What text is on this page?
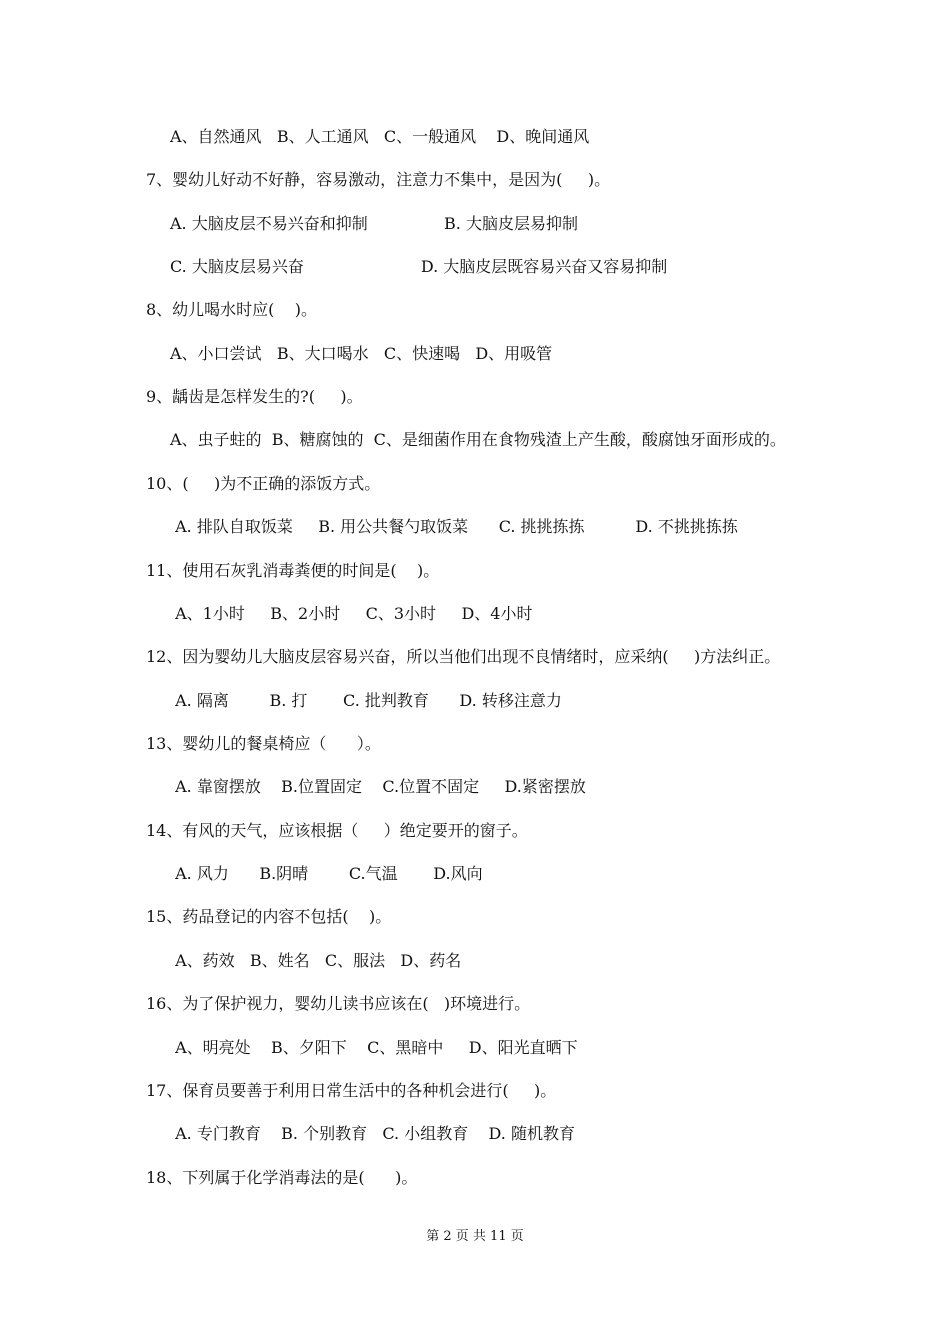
A、自然通风   B、人工通风   C、一般通风    D、晚间通风
7、婴幼儿好动不好静，容易激动，注意力不集中，是因为(     )。
A. 大脑皮层不易兴奋和抑制               B. 大脑皮层易抑制
C. 大脑皮层易兴奋                       D. 大脑皮层既容易兴奋又容易抑制
8、幼儿喝水时应(    )。
A、小口尝试   B、大口喝水   C、快速喝   D、用吸管
9、龋齿是怎样发生的?(     )。
A、虫子蛀的  B、糖腐蚀的  C、是细菌作用在食物残渣上产生酸，酸腐蚀牙面形成的。
10、(     )为不正确的添饭方式。
A. 排队自取饭菜     B. 用公共餐勺取饭菜      C. 挑挑拣拣          D. 不挑挑拣拣
11、使用石灰乳消毒粪便的时间是(    )。
A、1小时     B、2小时     C、3小时     D、4小时
12、因为婴幼儿大脑皮层容易兴奋，所以当他们出现不良情绪时，应采纳(     )方法纠正。
A. 隔离        B. 打       C. 批判教育      D. 转移注意力
13、婴幼儿的餐桌椅应（      ）。
A. 靠窗摆放    B.位置固定    C.位置不固定     D.紧密摆放
14、有风的天气，应该根据（     ）绝定要开的窗子。
A. 风力      B.阴晴        C.气温       D.风向
15、药品登记的内容不包括(    )。
A、药效   B、姓名   C、服法   D、药名
16、为了保护视力，婴幼儿读书应该在(   )环境进行。
A、明亮处    B、夕阳下    C、黑暗中     D、阳光直晒下
17、保育员要善于利用日常生活中的各种机会进行(     )。
A. 专门教育    B. 个别教育   C. 小组教育    D. 随机教育
18、下列属于化学消毒法的是(      )。
第 2 页 共 11 页
